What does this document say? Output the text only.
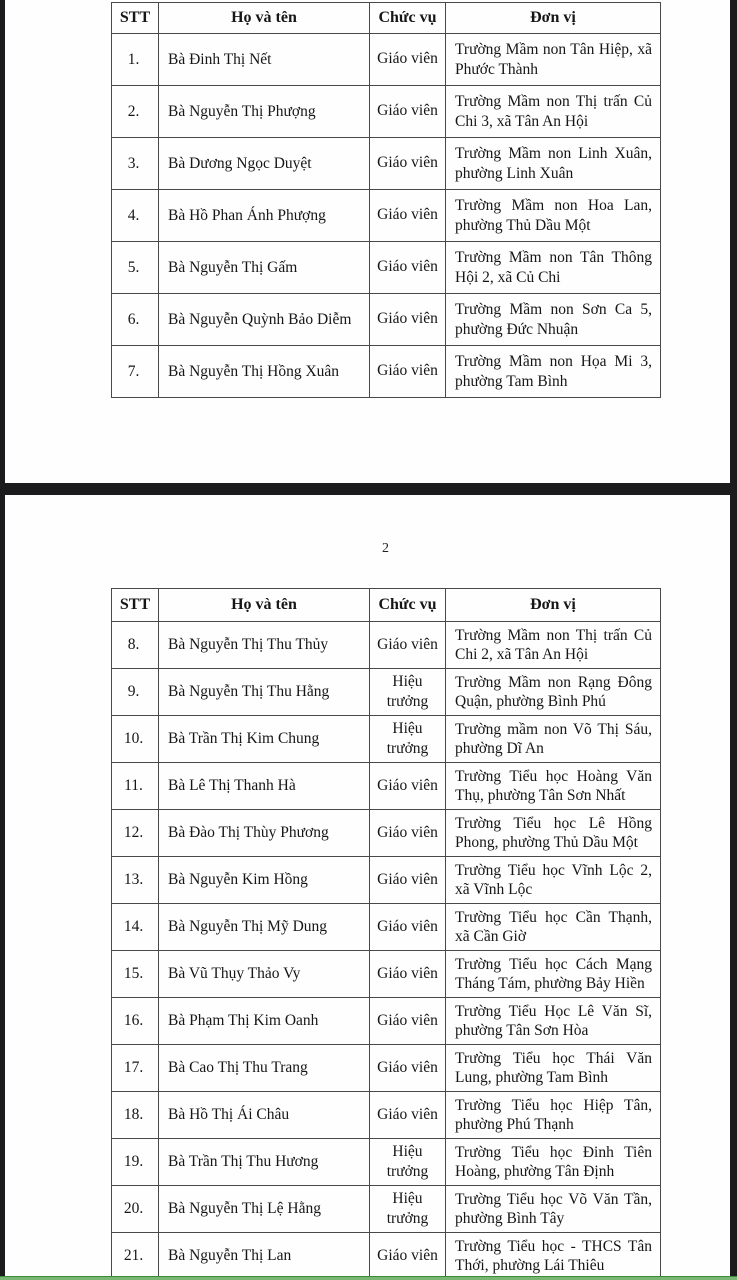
STT	Họ và tên	Chức vụ	Đơn vị
1.	Bà Đinh Thị Nết	Giáo viên	Trường Mầm non Tân Hiệp, xã Phước Thành
2.	Bà Nguyễn Thị Phượng	Giáo viên	Trường Mầm non Thị trấn Củ Chi 3, xã Tân An Hội
3.	Bà Dương Ngọc Duyệt	Giáo viên	Trường Mầm non Linh Xuân, phường Linh Xuân
4.	Bà Hồ Phan Ánh Phượng	Giáo viên	Trường Mầm non Hoa Lan, phường Thủ Dầu Một
5.	Bà Nguyễn Thị Gấm	Giáo viên	Trường Mầm non Tân Thông Hội 2, xã Củ Chi
6.	Bà Nguyễn Quỳnh Bảo Diễm	Giáo viên	Trường Mầm non Sơn Ca 5, phường Đức Nhuận
7.	Bà Nguyễn Thị Hồng Xuân	Giáo viên	Trường Mầm non Họa Mi 3, phường Tam Bình
2
STT	Họ và tên	Chức vụ	Đơn vị
8.	Bà Nguyễn Thị Thu Thủy	Giáo viên	Trường Mầm non Thị trấn Củ Chi 2, xã Tân An Hội
9.	Bà Nguyễn Thị Thu Hằng	Hiệu trưởng	Trường Mầm non Rạng Đông Quận, phường Bình Phú
10.	Bà Trần Thị Kim Chung	Hiệu trưởng	Trường mầm non Võ Thị Sáu, phường Dĩ An
11.	Bà Lê Thị Thanh Hà	Giáo viên	Trường Tiểu học Hoàng Văn Thụ, phường Tân Sơn Nhất
12.	Bà Đào Thị Thùy Phương	Giáo viên	Trường Tiểu học Lê Hồng Phong, phường Thủ Dầu Một
13.	Bà Nguyễn Kim Hồng	Giáo viên	Trường Tiểu học Vĩnh Lộc 2, xã Vĩnh Lộc
14.	Bà Nguyễn Thị Mỹ Dung	Giáo viên	Trường Tiểu học Cần Thạnh, xã Cần Giờ
15.	Bà Vũ Thụy Thảo Vy	Giáo viên	Trường Tiểu học Cách Mạng Tháng Tám, phường Bảy Hiền
16.	Bà Phạm Thị Kim Oanh	Giáo viên	Trường Tiểu Học Lê Văn Sĩ, phường Tân Sơn Hòa
17.	Bà Cao Thị Thu Trang	Giáo viên	Trường Tiểu học Thái Văn Lung, phường Tam Bình
18.	Bà Hồ Thị Ái Châu	Giáo viên	Trường Tiểu học Hiệp Tân, phường Phú Thạnh
19.	Bà Trần Thị Thu Hương	Hiệu trưởng	Trường Tiểu học Đinh Tiên Hoàng, phường Tân Định
20.	Bà Nguyễn Thị Lệ Hằng	Hiệu trưởng	Trường Tiểu học Võ Văn Tần, phường Bình Tây
21.	Bà Nguyễn Thị Lan	Giáo viên	Trường Tiểu học - THCS Tân Thới, phường Lái Thiêu
